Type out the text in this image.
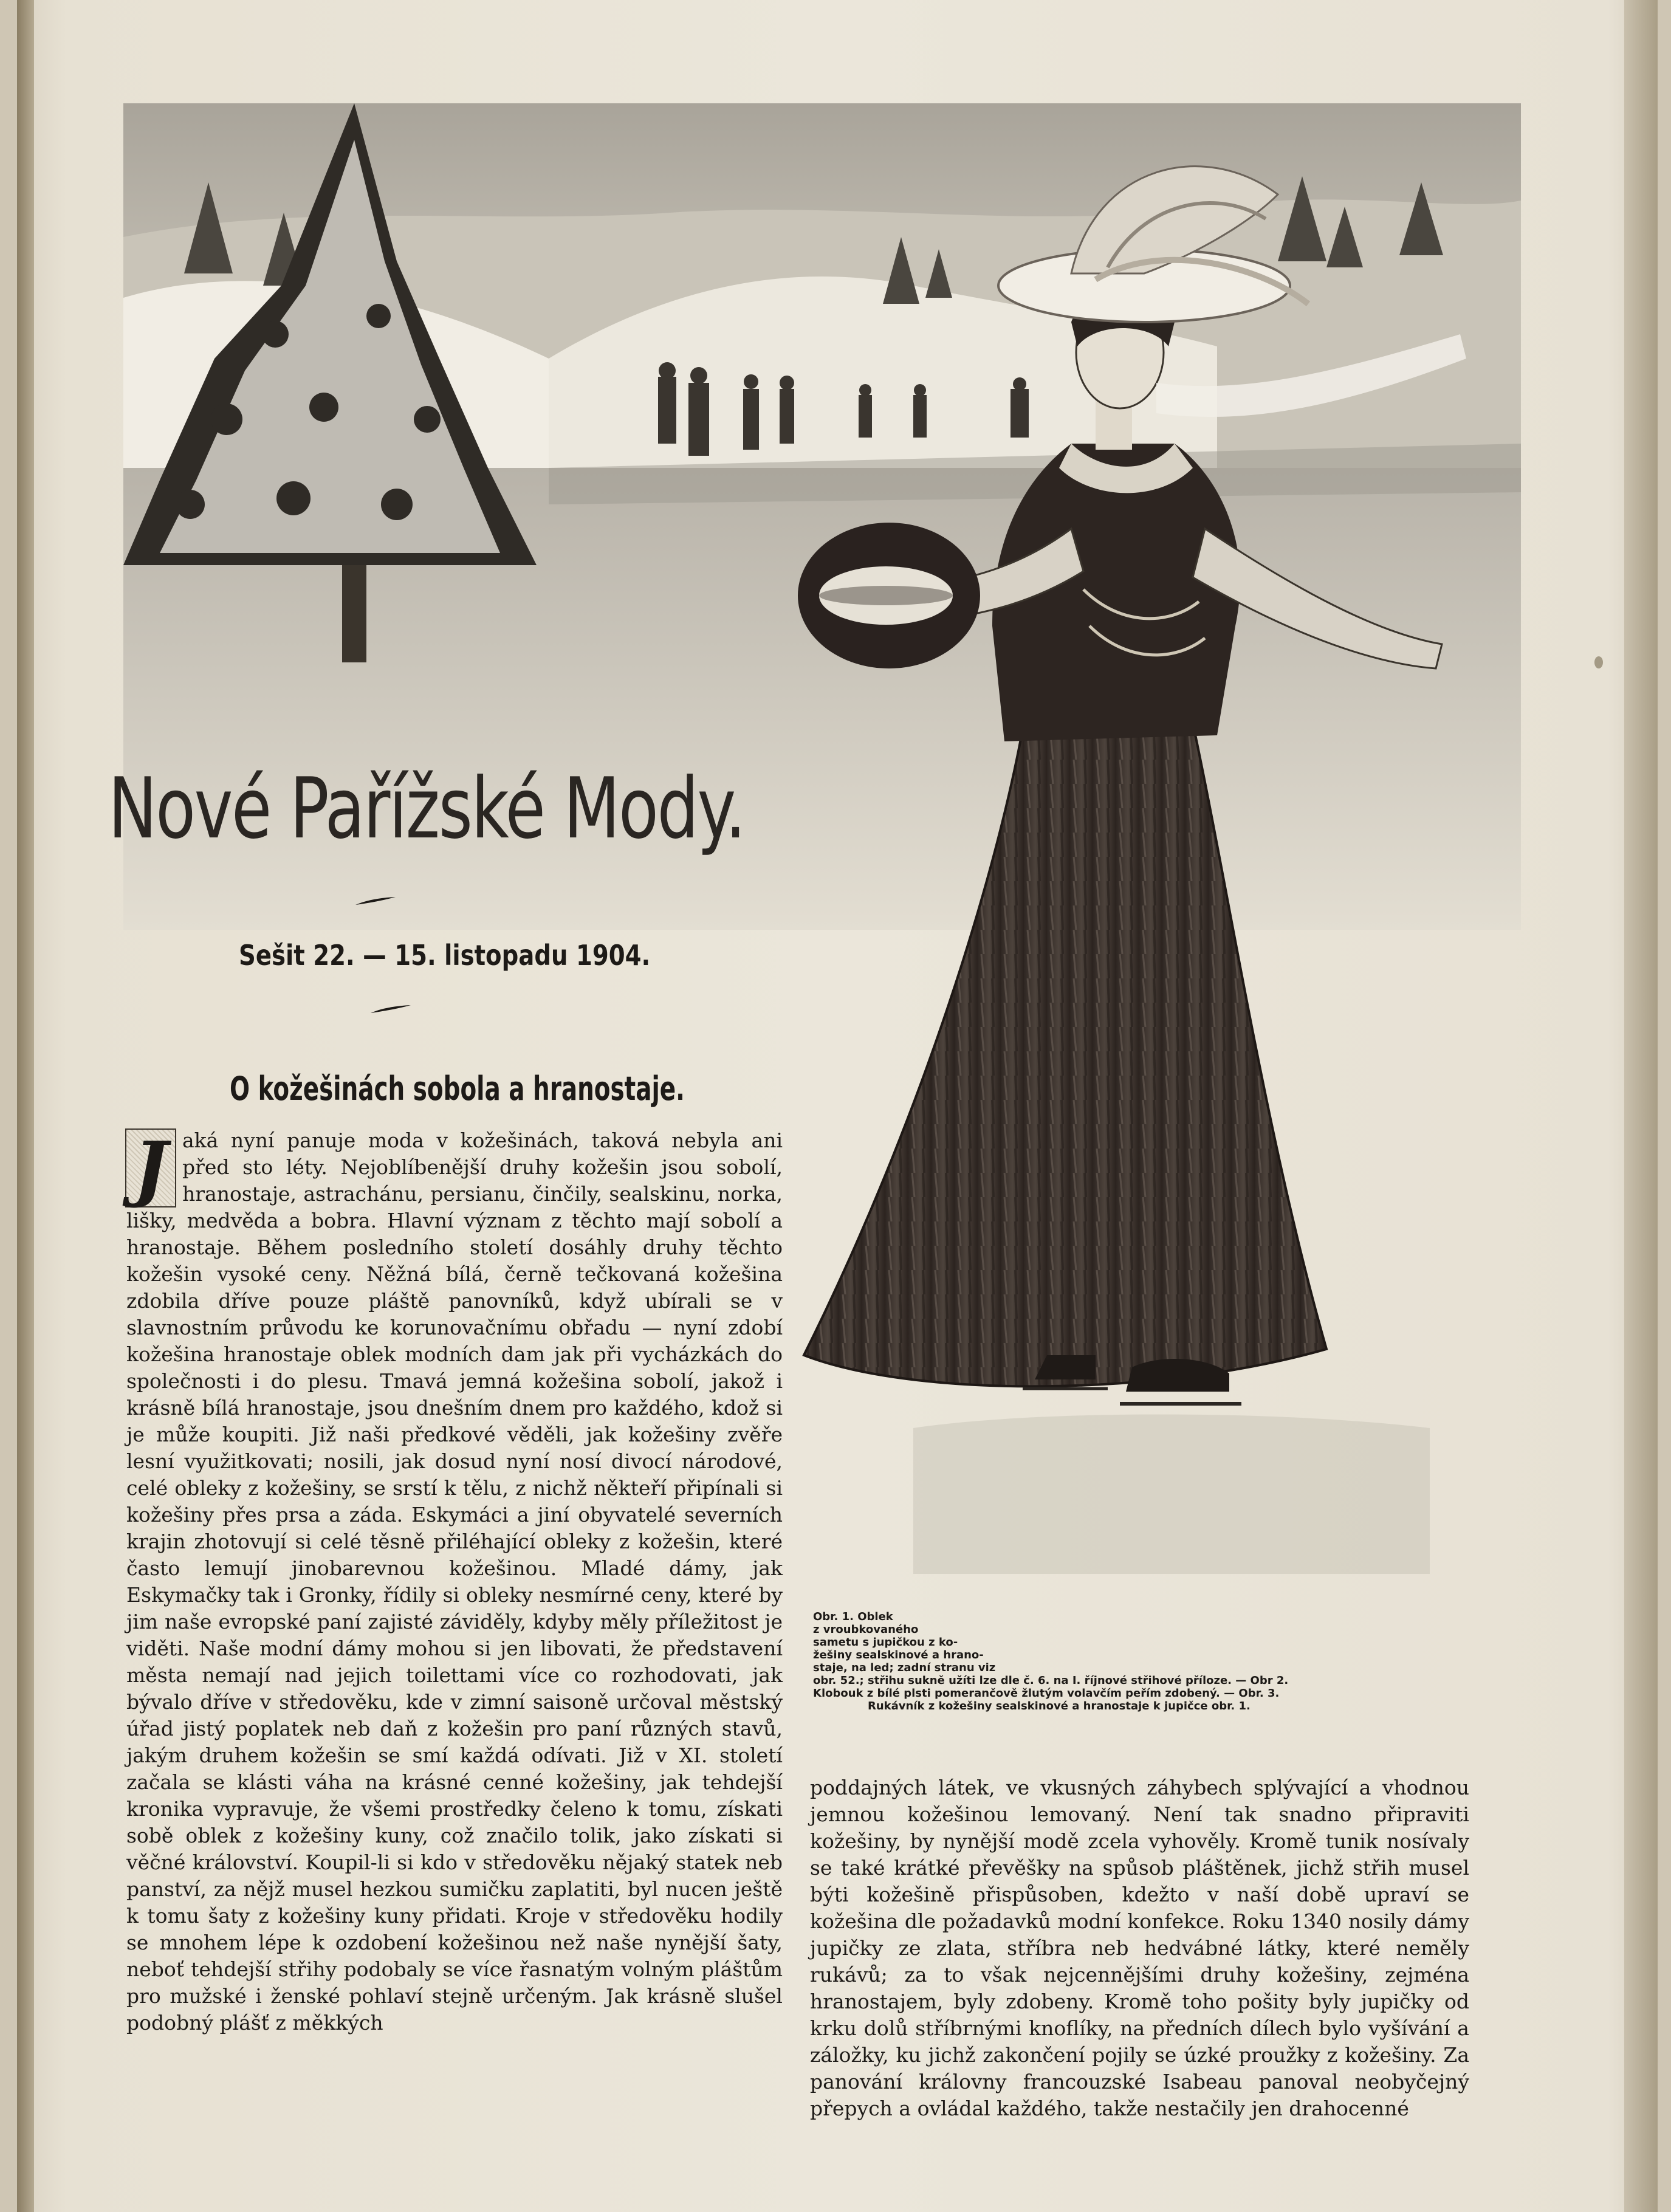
Nové Pařížské Mody.
Sešit 22. — 15. listopadu 1904.
O kožešinách sobola a hranostaje.
J aká nyní panuje moda v kožešinách, taková nebyla ani před sto léty. Nejoblíbenější druhy kožešin jsou sobolí, hranostaje, astrachánu, persianu, činčily, sealskinu, norka, lišky, medvěda a bobra. Hlavní význam z těchto mají sobolí a hranostaje. Během posledního století dosáhly druhy těchto kožešin vysoké ceny. Něžná bílá, černě tečkovaná kožešina zdobila dříve pouze pláště panovníků, když ubírali se v slavnostním průvodu ke korunovačnímu obřadu — nyní zdobí kožešina hranostaje oblek modních dam jak při vycházkách do společnosti i do plesu. Tmavá jemná kožešina sobolí, jakož i krásně bílá hranostaje, jsou dnešním dnem pro každého, kdož si je může koupiti. Již naši předkové věděli, jak kožešiny zvěře lesní využitkovati; nosili, jak dosud nyní nosí divocí národové, celé obleky z kožešiny, se srstí k tělu, z nichž někteří připínali si kožešiny přes prsa a záda. Eskymáci a jiní obyvatelé severních krajin zhotovují si celé těsně přiléhající obleky z kožešin, které často lemují jinobarevnou kožešinou. Mladé dámy, jak Eskymačky tak i Gronky, řídily si obleky nesmírné ceny, které by jim naše evropské paní zajisté záviděly, kdyby měly příležitost je viděti. Naše modní dámy mohou si jen libovati, že představení města nemají nad jejich toilettami více co rozhodovati, jak bývalo dříve v středověku, kde v zimní saisoně určoval městský úřad jistý poplatek neb daň z kožešin pro paní různých stavů, jakým druhem kožešin se smí každá odívati. Již v XI. století začala se klásti váha na krásné cenné kožešiny, jak tehdejší kronika vypravuje, že všemi prostředky čeleno k tomu, získati sobě oblek z kožešiny kuny, což značilo tolik, jako získati si věčné království. Koupil-li si kdo v středověku nějaký statek neb panství, za nějž musel hezkou sumičku zaplatiti, byl nucen ještě k tomu šaty z kožešiny kuny přidati. Kroje v středověku hodily se mnohem lépe k ozdobení kožešinou než naše nynější šaty, neboť tehdejší střihy podobaly se více řasnatým volným pláštům pro mužské i ženské pohlaví stejně určeným. Jak krásně slušel podobný plášť z měkkých
Obr. 1. Oblek
z vroubkovaného
sametu s jupičkou z ko-
žešiny sealskinové a hrano-
staje, na led; zadní stranu viz
obr. 52.; střihu sukně užíti lze dle č. 6. na I. říjnové střihové příloze. — Obr 2.
Klobouk z bílé plsti pomerančově žlutým volavčím peřím zdobený. — Obr. 3.
Rukávník z kožešiny sealskinové a hranostaje k jupičce obr. 1.
poddajných látek, ve vkusných záhybech splývající a vhodnou jemnou kožešinou lemovaný. Není tak snadno připraviti kožešiny, by nynější modě zcela vyhověly. Kromě tunik nosívaly se také krátké převěšky na spůsob pláštěnek, jichž střih musel býti kožešině přispůsoben, kdežto v naší době upraví se kožešina dle požadavků modní konfekce. Roku 1340 nosily dámy jupičky ze zlata, stříbra neb hedvábné látky, které neměly rukávů; za to však nejcennějšími druhy kožešiny, zejména hranostajem, byly zdobeny. Kromě toho pošity byly jupičky od krku dolů stříbrnými knoflíky, na předních dílech bylo vyšívání a záložky, ku jichž zakončení pojily se úzké proužky z kožešiny. Za panování královny francouzské Isabeau panoval neobyčejný přepych a ovládal každého, takže nestačily jen drahocenné
